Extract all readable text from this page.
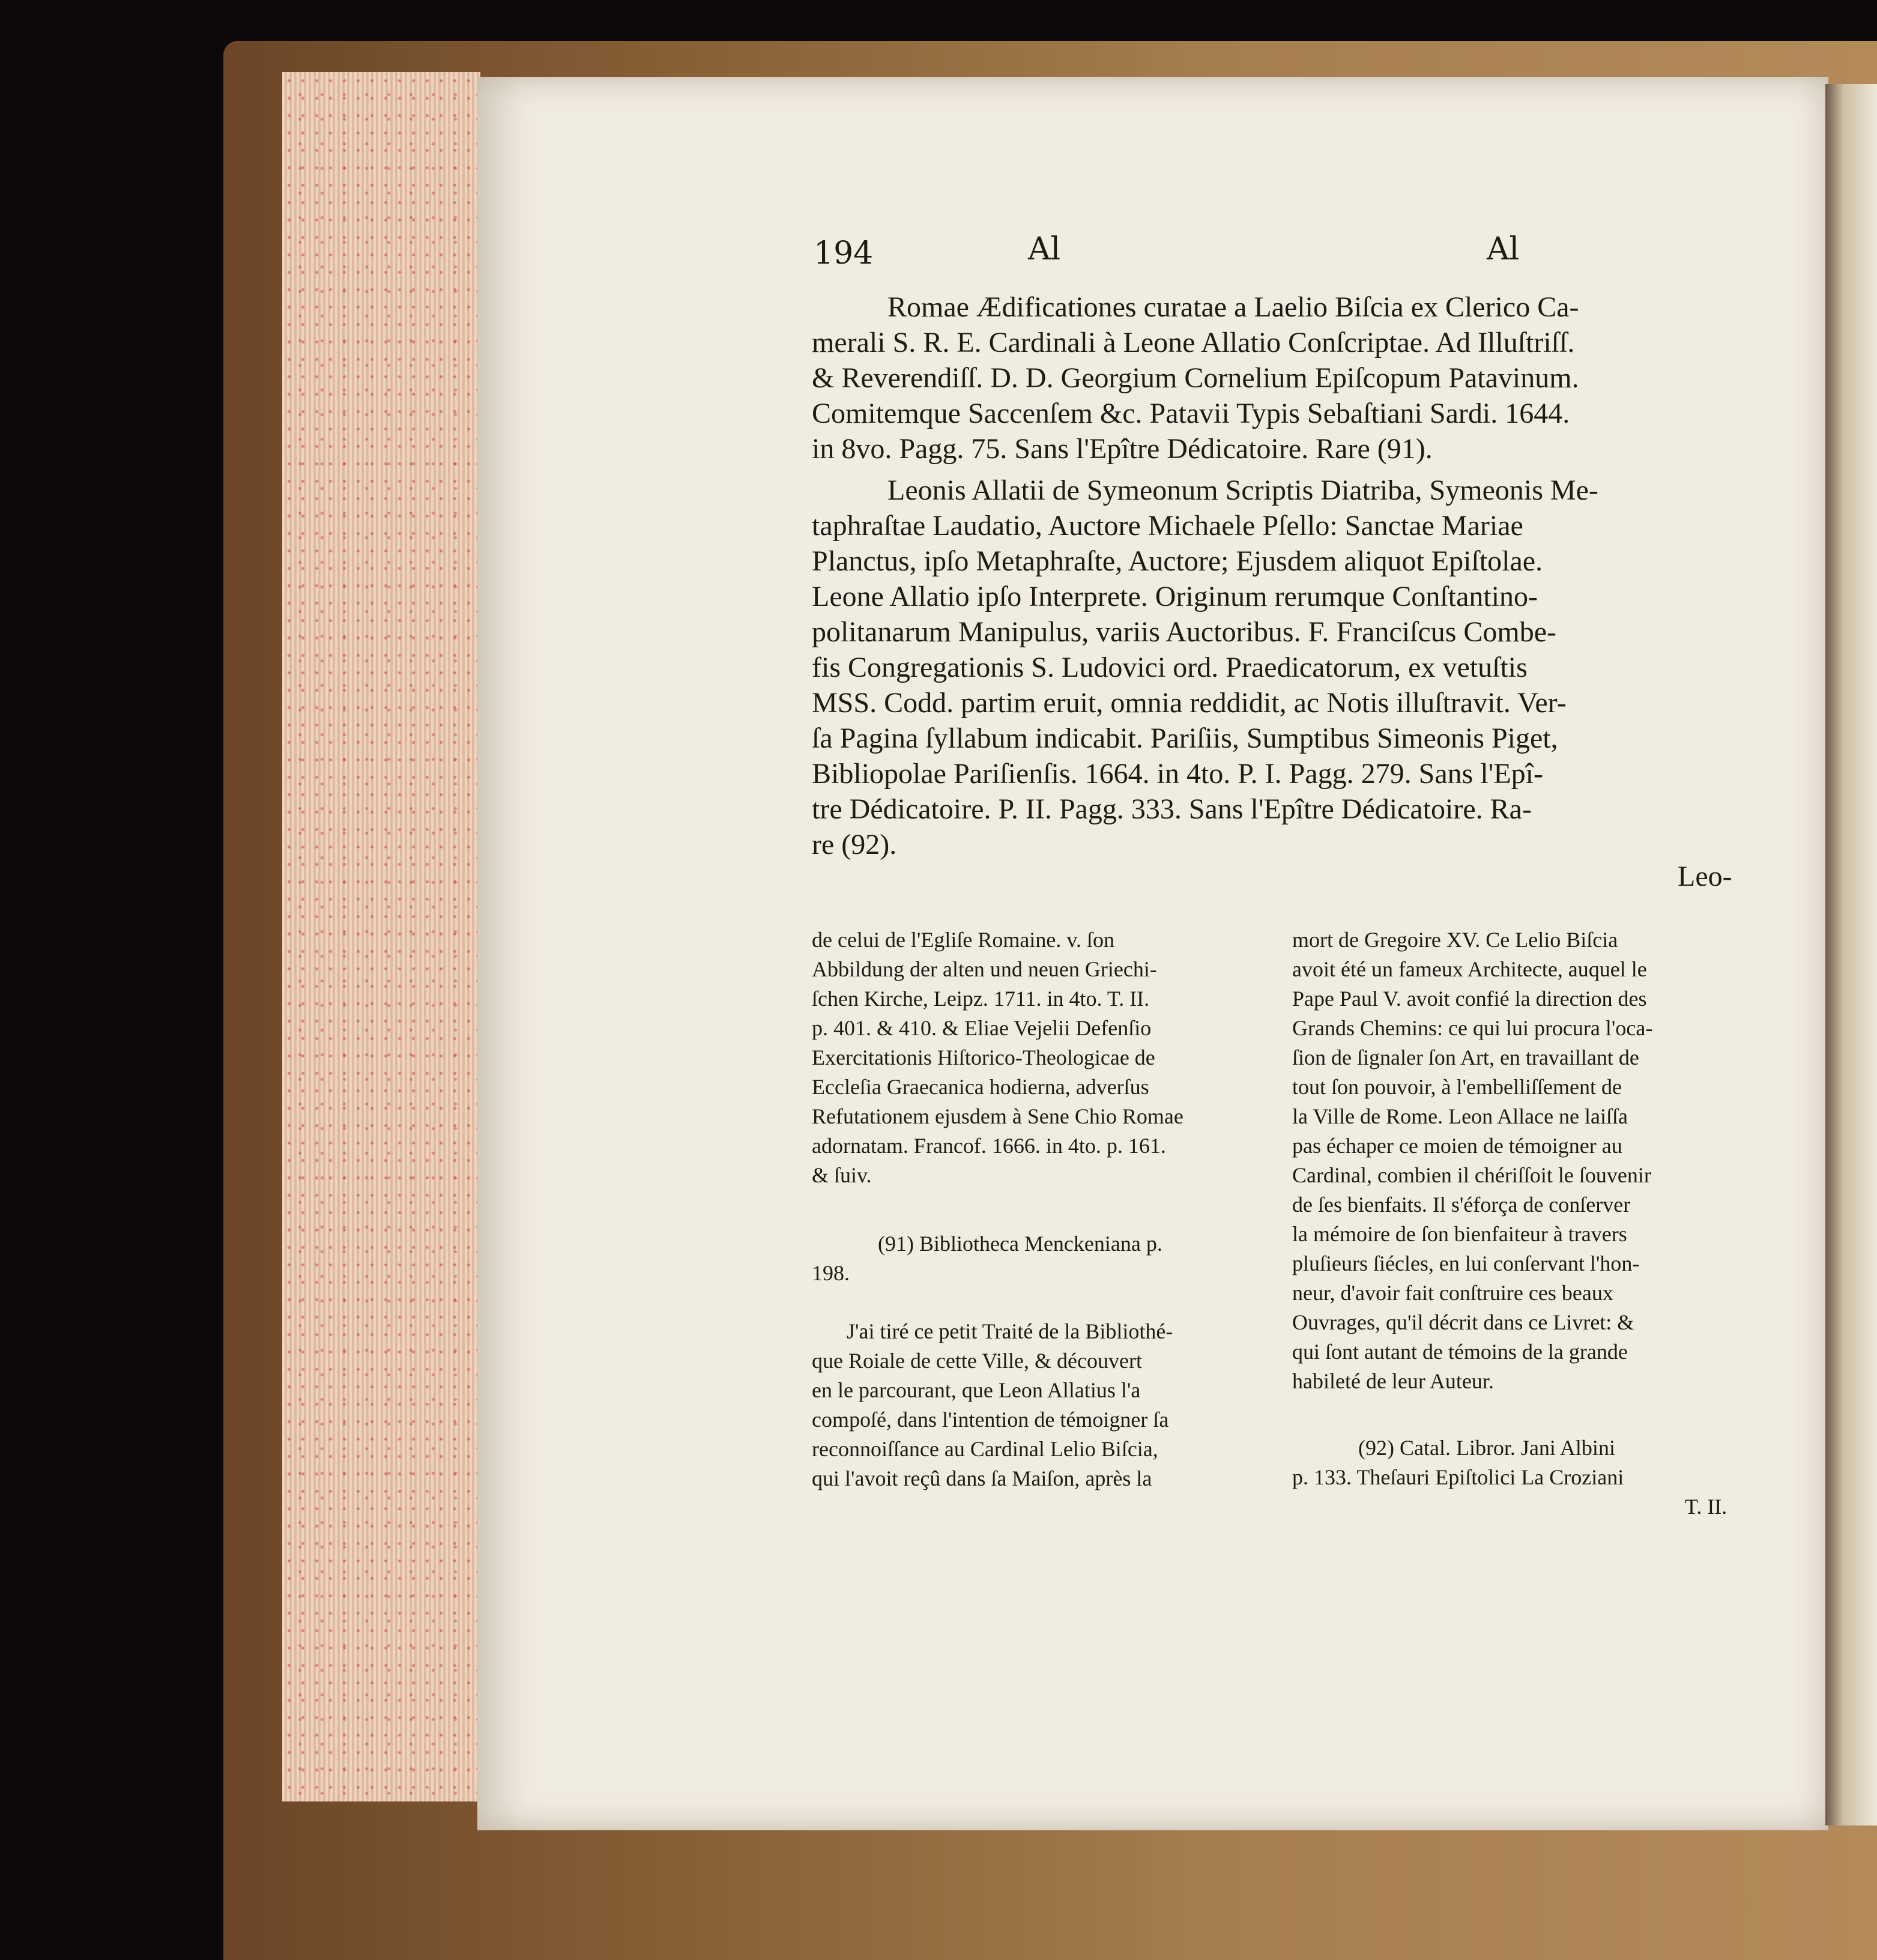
194	Al	Al
Romae Ædificationes curatae a Laelio Biſcia ex Clerico Ca-
merali S. R. E. Cardinali à Leone Allatio Conſcriptae. Ad Illuſtriſſ.
& Reverendiſſ. D. D. Georgium Cornelium Epiſcopum Patavinum.
Comitemque Saccenſem &c. Patavii Typis Sebaſtiani Sardi. 1644.
in 8vo. Pagg. 75. Sans l'Epître Dédicatoire. Rare (91).
Leonis Allatii de Symeonum Scriptis Diatriba, Symeonis Me-
taphraſtae Laudatio, Auctore Michaele Pſello: Sanctae Mariae
Planctus, ipſo Metaphraſte, Auctore; Ejusdem aliquot Epiſtolae.
Leone Allatio ipſo Interprete. Originum rerumque Conſtantino-
politanarum Manipulus, variis Auctoribus. F. Franciſcus Combe-
fis Congregationis S. Ludovici ord. Praedicatorum, ex vetuſtis
MSS. Codd. partim eruit, omnia reddidit, ac Notis illuſtravit. Ver-
ſa Pagina ſyllabum indicabit. Pariſiis, Sumptibus Simeonis Piget,
Bibliopolae Pariſienſis. 1664. in 4to. P. I. Pagg. 279. Sans l'Epî-
tre Dédicatoire. P. II. Pagg. 333. Sans l'Epître Dédicatoire. Ra-
re (92).
Leo-
de celui de l'Egliſe Romaine. v. ſon
Abbildung der alten und neuen Griechi-
ſchen Kirche, Leipz. 1711. in 4to. T. II.
p. 401. & 410. & Eliae Vejelii Defenſio
Exercitationis Hiſtorico-Theologicae de
Eccleſia Graecanica hodierna, adverſus
Refutationem ejusdem à Sene Chio Romae
adornatam. Francof. 1666. in 4to. p. 161.
& ſuiv.
(91) Bibliotheca Menckeniana p.
198.
J'ai tiré ce petit Traité de la Bibliothé-
que Roiale de cette Ville, & découvert
en le parcourant, que Leon Allatius l'a
compoſé, dans l'intention de témoigner ſa
reconnoiſſance au Cardinal Lelio Biſcia,
qui l'avoit reçû dans ſa Maiſon, après la
mort de Gregoire XV. Ce Lelio Biſcia
avoit été un fameux Architecte, auquel le
Pape Paul V. avoit confié la direction des
Grands Chemins: ce qui lui procura l'oca-
ſion de ſignaler ſon Art, en travaillant de
tout ſon pouvoir, à l'embelliſſement de
la Ville de Rome. Leon Allace ne laiſſa
pas échaper ce moien de témoigner au
Cardinal, combien il chériſſoit le ſouvenir
de ſes bienfaits. Il s'éforça de conſerver
la mémoire de ſon bienfaiteur à travers
pluſieurs ſiécles, en lui conſervant l'hon-
neur, d'avoir fait conſtruire ces beaux
Ouvrages, qu'il décrit dans ce Livret: &
qui ſont autant de témoins de la grande
habileté de leur Auteur.
(92) Catal. Libror. Jani Albini
p. 133. Theſauri Epiſtolici La Croziani
T. II.
